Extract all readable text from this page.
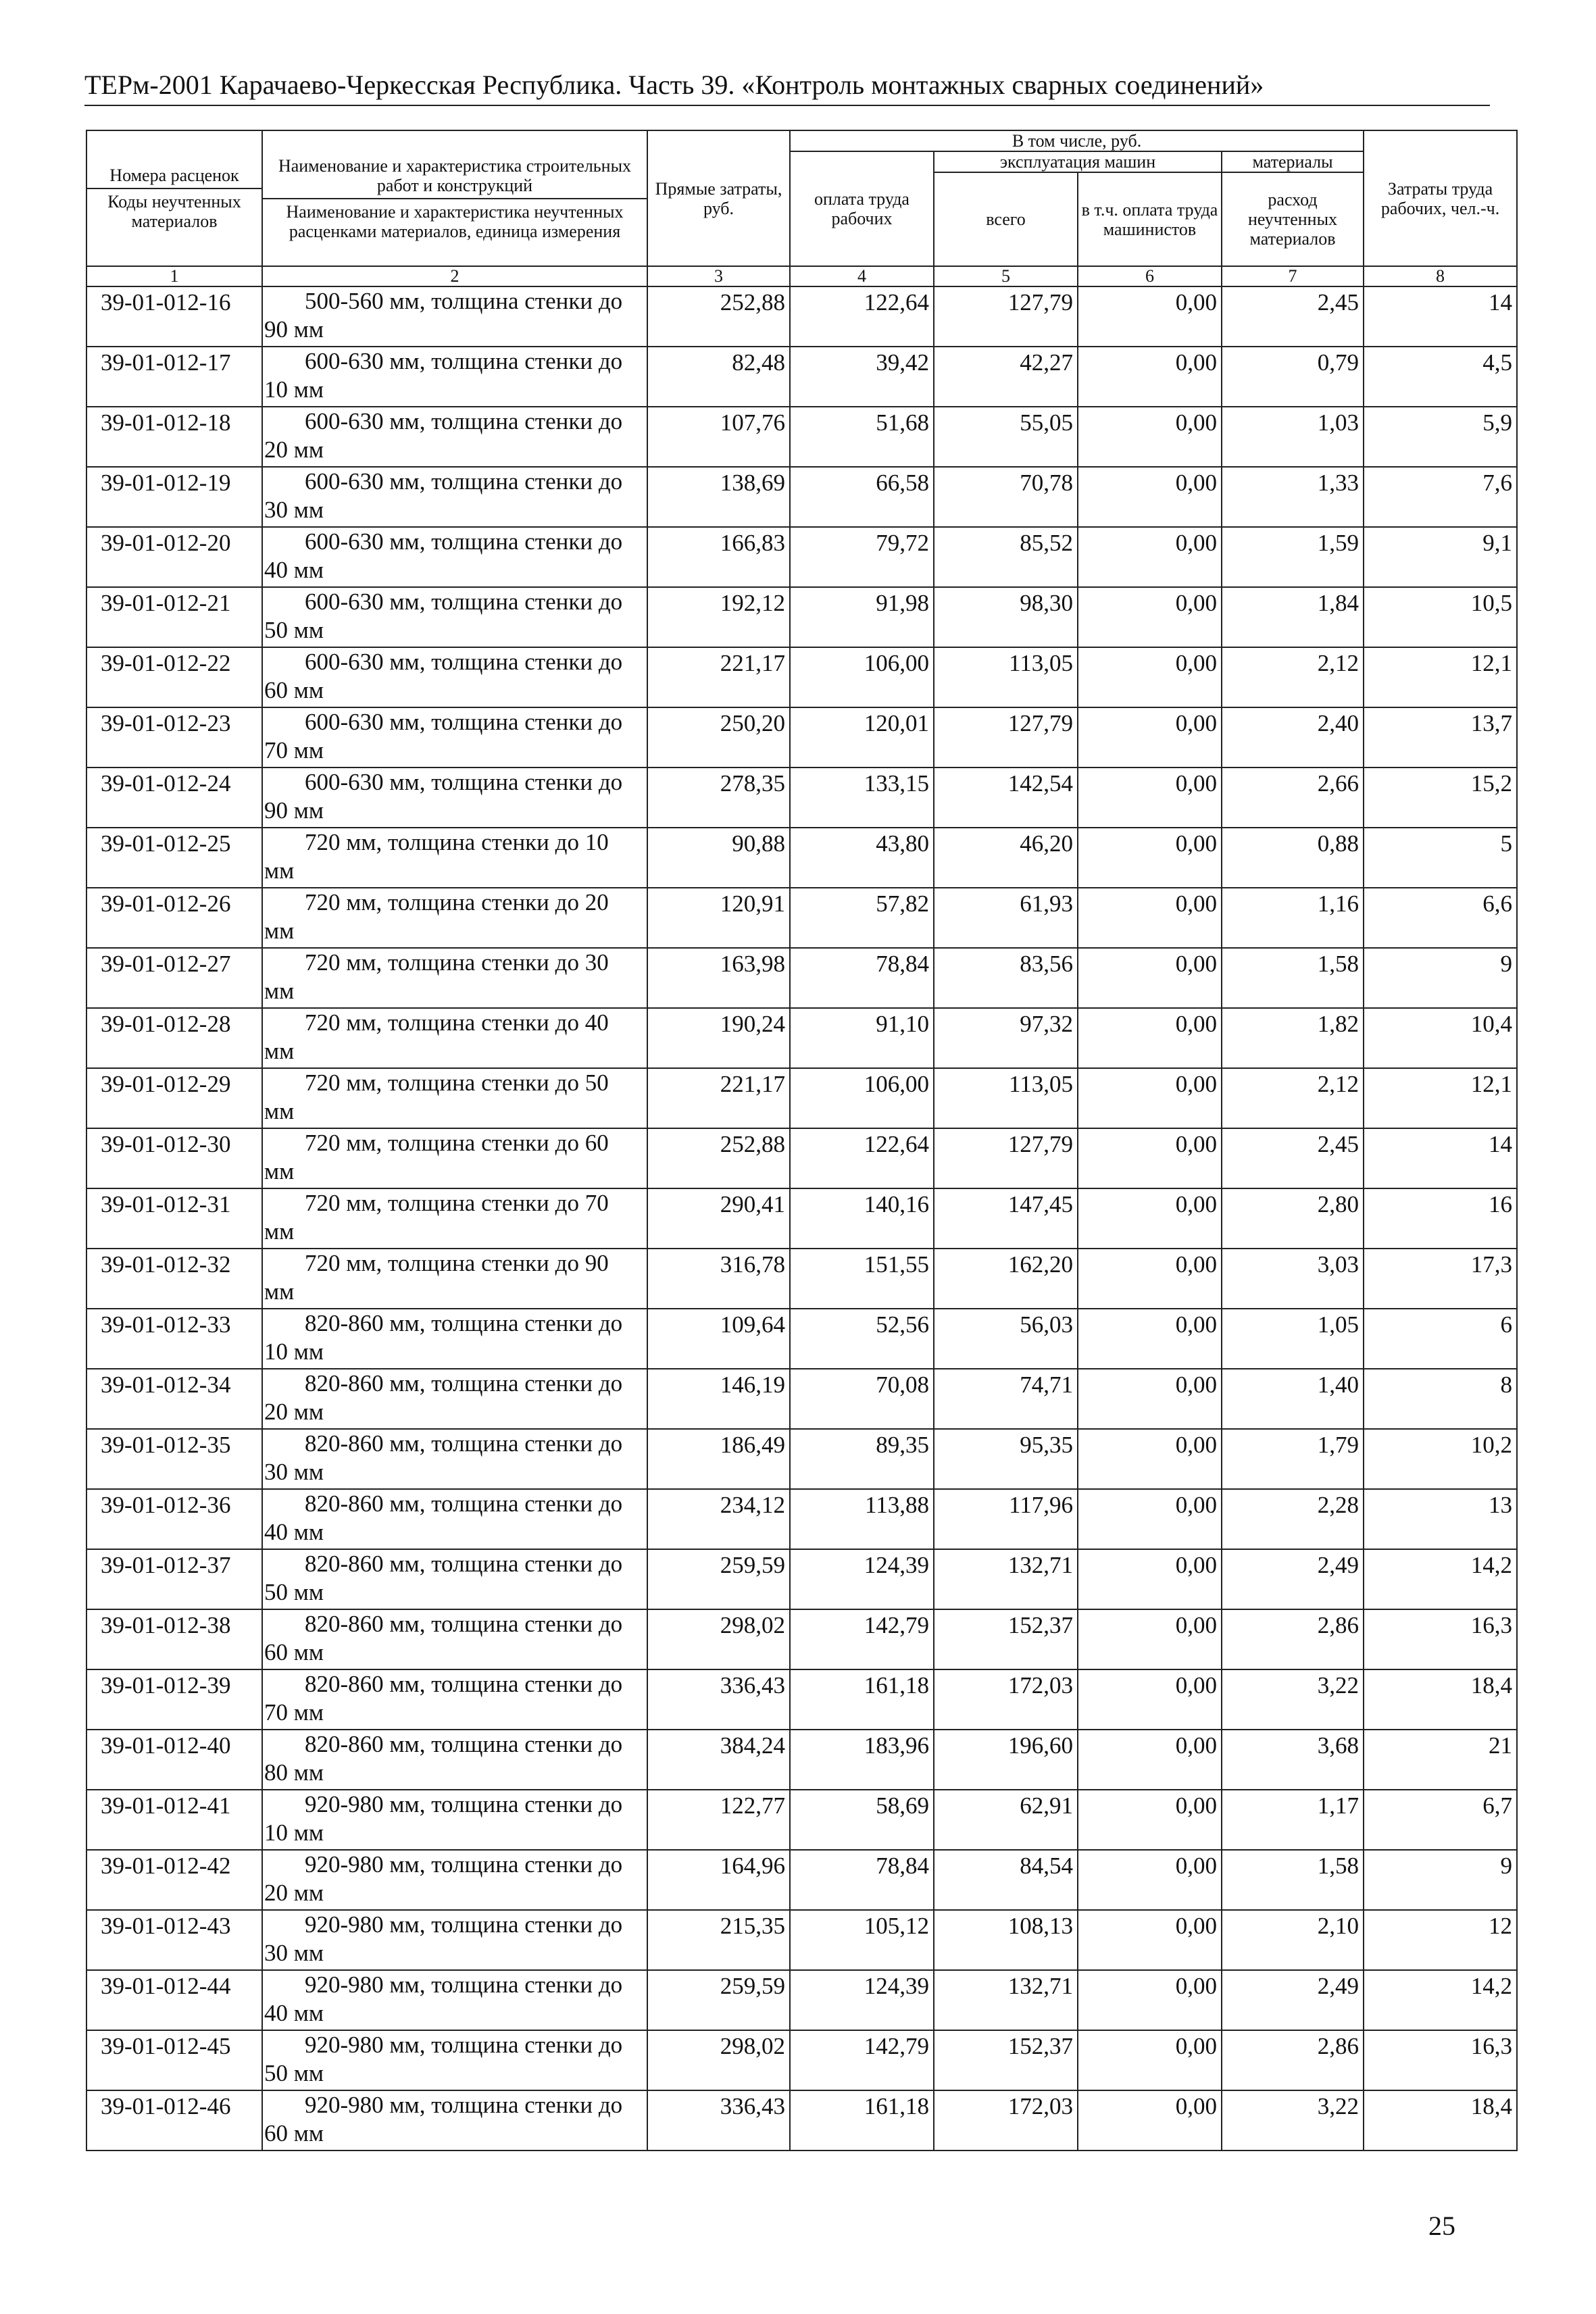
ТЕРм-2001 Карачаево-Черкесская Республика. Часть 39. «Контроль монтажных сварных соединений»
Номера расценок
Коды неучтенных материалов	Наименование и характеристика строительных работ и конструкций
Наименование и характеристика неучтенных расценками материалов, единица измерения	Прямые затраты, руб.	В том числе, руб.				Затраты труда рабочих, чел.-ч.
			оплата труда рабочих	эксплуатация машин		материалы	
				всего	в т.ч. оплата труда машинистов	расход неучтенных материалов	
1	2	3	4	5	6	7	8
39-01-012-16	500-560 мм, толщина стенки до 90 мм	252,88	122,64	127,79	0,00	2,45	14
39-01-012-17	600-630 мм, толщина стенки до 10 мм	82,48	39,42	42,27	0,00	0,79	4,5
39-01-012-18	600-630 мм, толщина стенки до 20 мм	107,76	51,68	55,05	0,00	1,03	5,9
39-01-012-19	600-630 мм, толщина стенки до 30 мм	138,69	66,58	70,78	0,00	1,33	7,6
39-01-012-20	600-630 мм, толщина стенки до 40 мм	166,83	79,72	85,52	0,00	1,59	9,1
39-01-012-21	600-630 мм, толщина стенки до 50 мм	192,12	91,98	98,30	0,00	1,84	10,5
39-01-012-22	600-630 мм, толщина стенки до 60 мм	221,17	106,00	113,05	0,00	2,12	12,1
39-01-012-23	600-630 мм, толщина стенки до 70 мм	250,20	120,01	127,79	0,00	2,40	13,7
39-01-012-24	600-630 мм, толщина стенки до 90 мм	278,35	133,15	142,54	0,00	2,66	15,2
39-01-012-25	720 мм, толщина стенки до 10 мм	90,88	43,80	46,20	0,00	0,88	5
39-01-012-26	720 мм, толщина стенки до 20 мм	120,91	57,82	61,93	0,00	1,16	6,6
39-01-012-27	720 мм, толщина стенки до 30 мм	163,98	78,84	83,56	0,00	1,58	9
39-01-012-28	720 мм, толщина стенки до 40 мм	190,24	91,10	97,32	0,00	1,82	10,4
39-01-012-29	720 мм, толщина стенки до 50 мм	221,17	106,00	113,05	0,00	2,12	12,1
39-01-012-30	720 мм, толщина стенки до 60 мм	252,88	122,64	127,79	0,00	2,45	14
39-01-012-31	720 мм, толщина стенки до 70 мм	290,41	140,16	147,45	0,00	2,80	16
39-01-012-32	720 мм, толщина стенки до 90 мм	316,78	151,55	162,20	0,00	3,03	17,3
39-01-012-33	820-860 мм, толщина стенки до 10 мм	109,64	52,56	56,03	0,00	1,05	6
39-01-012-34	820-860 мм, толщина стенки до 20 мм	146,19	70,08	74,71	0,00	1,40	8
39-01-012-35	820-860 мм, толщина стенки до 30 мм	186,49	89,35	95,35	0,00	1,79	10,2
39-01-012-36	820-860 мм, толщина стенки до 40 мм	234,12	113,88	117,96	0,00	2,28	13
39-01-012-37	820-860 мм, толщина стенки до 50 мм	259,59	124,39	132,71	0,00	2,49	14,2
39-01-012-38	820-860 мм, толщина стенки до 60 мм	298,02	142,79	152,37	0,00	2,86	16,3
39-01-012-39	820-860 мм, толщина стенки до 70 мм	336,43	161,18	172,03	0,00	3,22	18,4
39-01-012-40	820-860 мм, толщина стенки до 80 мм	384,24	183,96	196,60	0,00	3,68	21
39-01-012-41	920-980 мм, толщина стенки до 10 мм	122,77	58,69	62,91	0,00	1,17	6,7
39-01-012-42	920-980 мм, толщина стенки до 20 мм	164,96	78,84	84,54	0,00	1,58	9
39-01-012-43	920-980 мм, толщина стенки до 30 мм	215,35	105,12	108,13	0,00	2,10	12
39-01-012-44	920-980 мм, толщина стенки до 40 мм	259,59	124,39	132,71	0,00	2,49	14,2
39-01-012-45	920-980 мм, толщина стенки до 50 мм	298,02	142,79	152,37	0,00	2,86	16,3
39-01-012-46	920-980 мм, толщина стенки до 60 мм	336,43	161,18	172,03	0,00	3,22	18,4
25
